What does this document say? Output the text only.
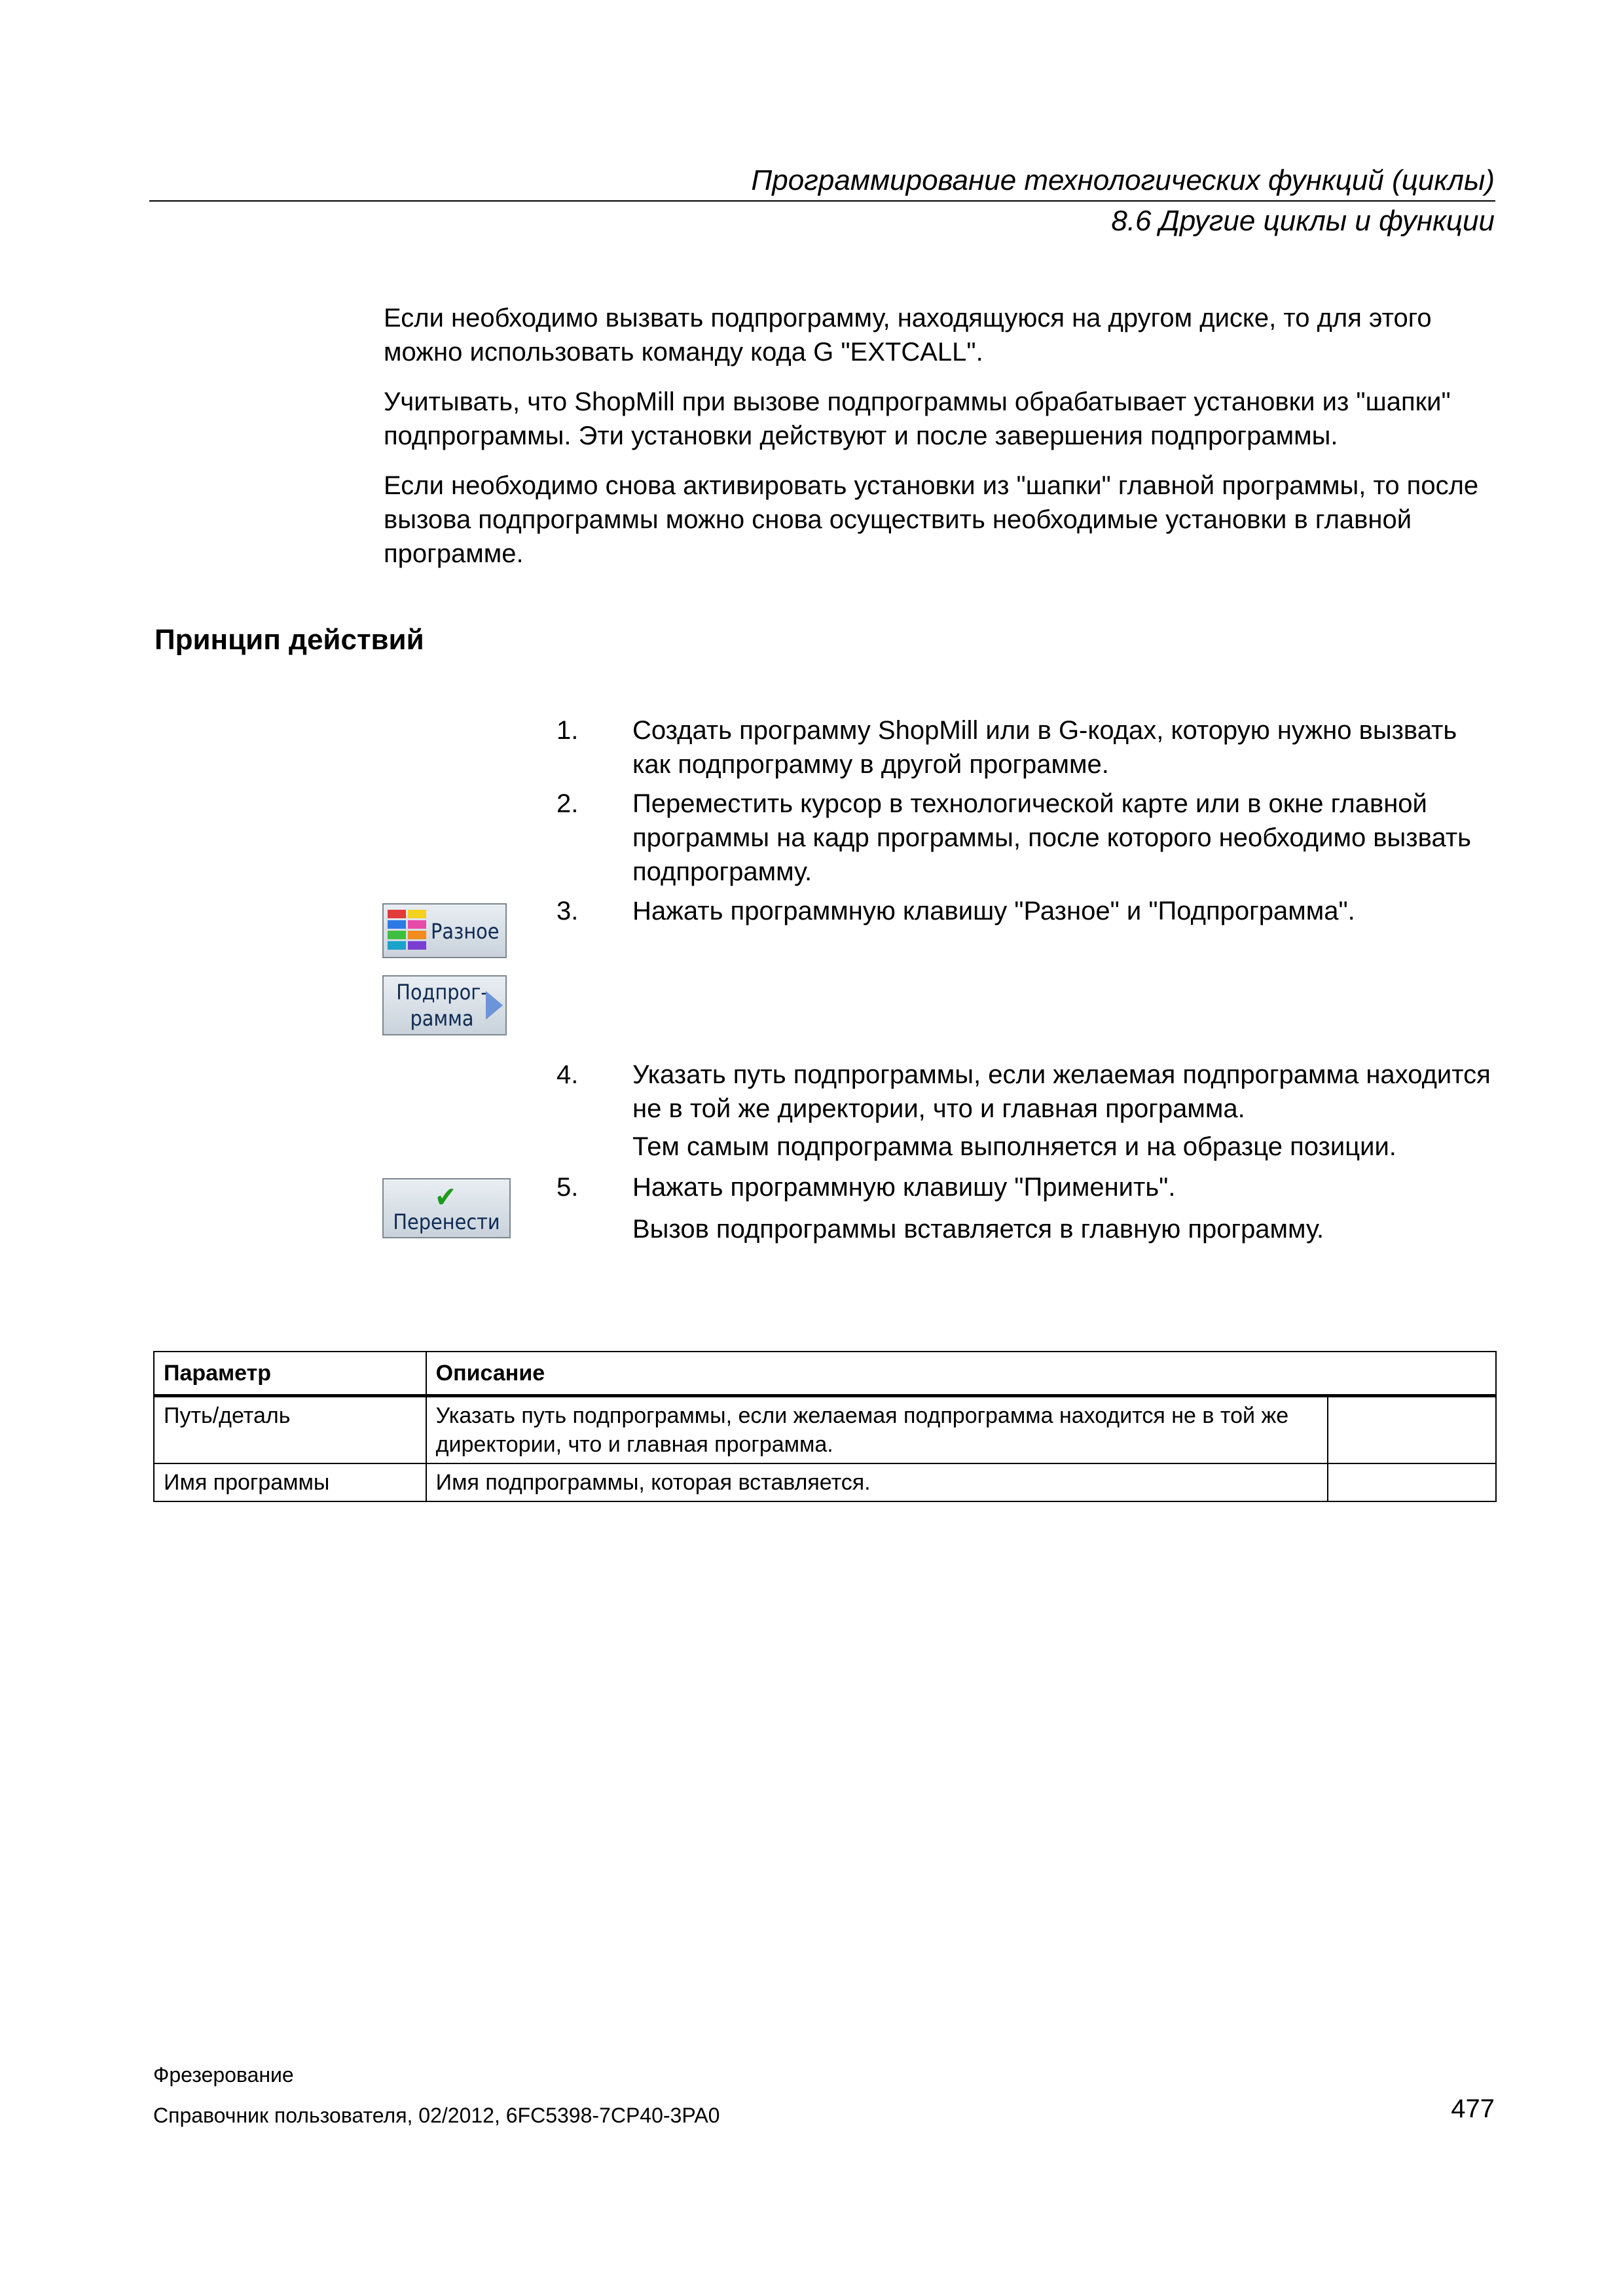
Программирование технологических функций (циклы)
8.6 Другие циклы и функции

Если необходимо вызвать подпрограмму, находящуюся на другом диске, то для этого можно использовать команду кода G "EXTCALL".

Учитывать, что ShopMill при вызове подпрограммы обрабатывает установки из "шапки" подпрограммы. Эти установки действуют и после завершения подпрограммы.

Если необходимо снова активировать установки из "шапки" главной программы, то после вызова подпрограммы можно снова осуществить необходимые установки в главной программе.

Принцип действий
1. Создать программу ShopMill или в G-кодах, которую нужно вызвать как подпрограмму в другой программе.
2. Переместить курсор в технологической карте или в окне главной программы на кадр программы, после которого необходимо вызвать подпрограмму.
3. Нажать программную клавишу "Разное" и "Подпрограмма".
4. Указать путь подпрограммы, если желаемая подпрограмма находится не в той же директории, что и главная программа.
Тем самым подпрограмма выполняется и на образце позиции.
5. Нажать программную клавишу "Применить".
Вызов подпрограммы вставляется в главную программу.
Разное
Подпрог-
рамма
✔
Перенести
Параметр	Описание	
Путь/деталь	Указать путь подпрограммы, если желаемая подпрограмма находится не в той же директории, что и главная программа.	
Имя программы	Имя подпрограммы, которая вставляется.	
Фрезерование
Справочник пользователя, 02/2012, 6FC5398-7CP40-3PA0	477
